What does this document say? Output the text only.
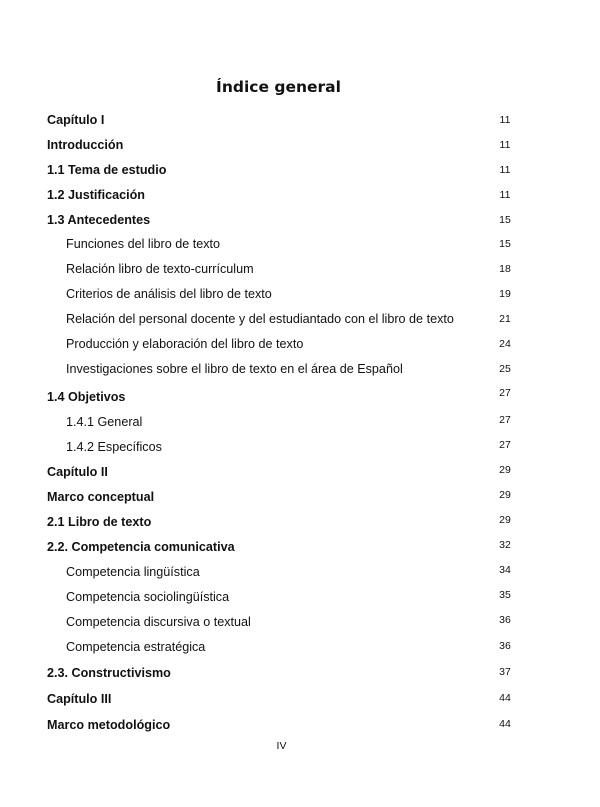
Índice general
Capítulo I	11
Introducción	11
1.1 Tema de estudio	11
1.2 Justificación	11
1.3 Antecedentes	15
Funciones del libro de texto	15
Relación libro de texto-currículum	18
Criterios de análisis del libro de texto	19
Relación del personal docente y del estudiantado con el libro de texto	21
Producción y elaboración del libro de texto	24
Investigaciones sobre el libro de texto en el área de Español	25
1.4 Objetivos	27
1.4.1 General	27
1.4.2 Específicos	27
Capítulo II	29
Marco conceptual	29
2.1 Libro de texto	29
2.2. Competencia comunicativa	32
Competencia lingüística	34
Competencia sociolingüística	35
Competencia discursiva o textual	36
Competencia estratégica	36
2.3. Constructivismo	37
Capítulo III	44
Marco metodológico	44
IV
